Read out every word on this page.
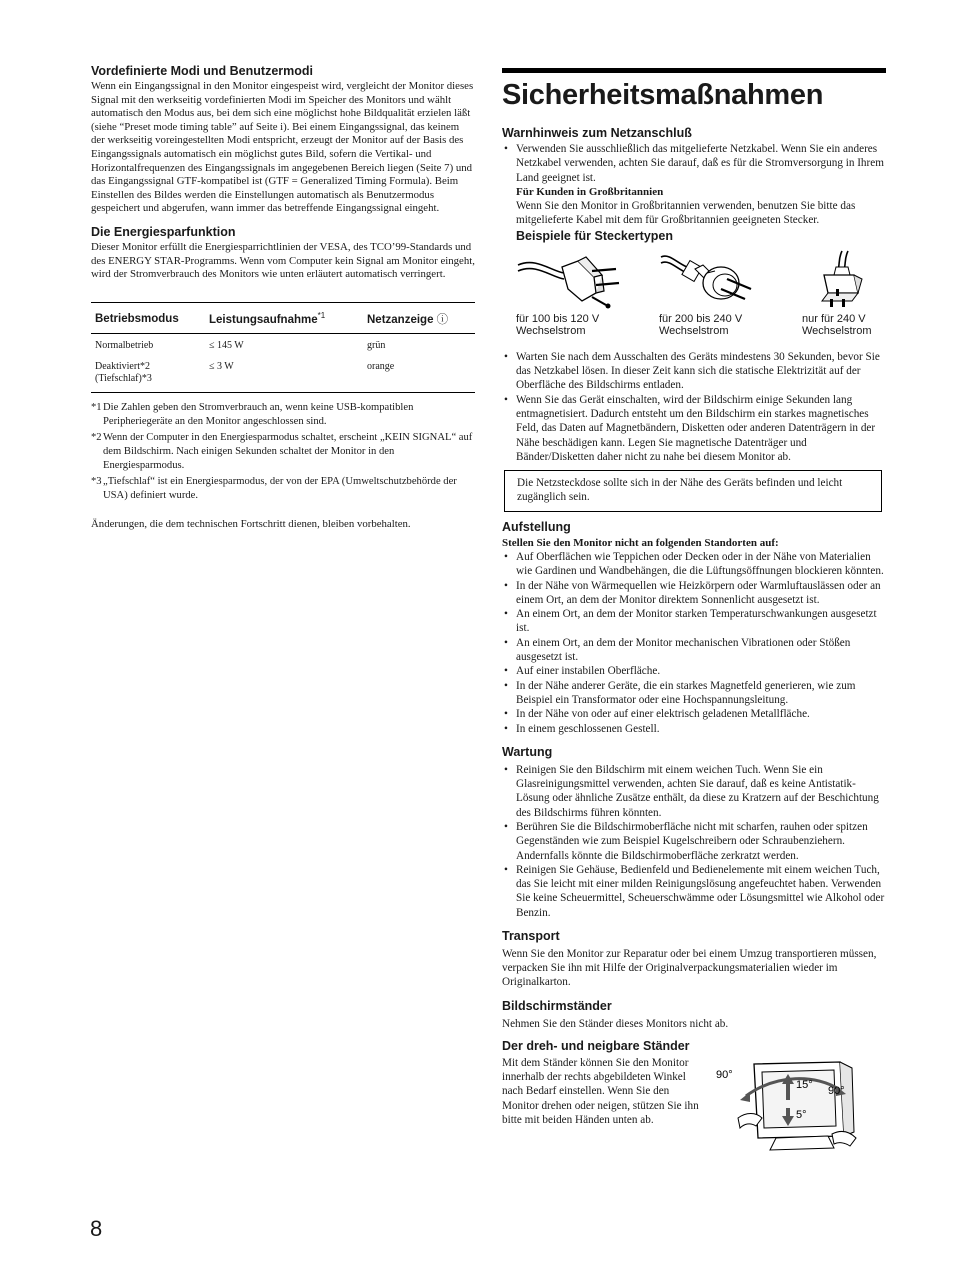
Vordefinierte Modi und Benutzermodi

Wenn ein Eingangssignal in den Monitor eingespeist wird, vergleicht der Monitor dieses Signal mit den werkseitig vordefinierten Modi im Speicher des Monitors und wählt automatisch den Modus aus, bei dem sich eine möglichst hohe Bildqualität erzielen läßt (siehe “Preset mode timing table” auf Seite i). Bei einem Eingangssignal, das keinem der werkseitig voreingestellten Modi entspricht, erzeugt der Monitor auf der Basis des Eingangssignals automatisch ein möglichst gutes Bild, sofern die Vertikal- und Horizontalfrequenzen des Eingangssignals im angegebenen Bereich liegen (Seite 7) und das Eingangssignal GTF-kompatibel ist (GTF = Generalized Timing Formula). Beim Einstellen des Bildes werden die Einstellungen automatisch als Benutzermodus gespeichert und abgerufen, wann immer das betreffende Eingangssignal eingeht.

Die Energiesparfunktion

Dieser Monitor erfüllt die Energiesparrichtlinien der VESA, des TCO’99-Standards und des ENERGY STAR-Programms. Wenn vom Computer kein Signal am Monitor eingeht, wird der Stromverbrauch des Monitors wie unten erläutert automatisch verringert.

Betriebsmodus	Leistungsaufnahme$^{*1}$	Netzanzeige ⓘ
Normalbetrieb	≤ 145 W	grün
Deaktiviert*2
(Tiefschlaf)*3	≤ 3 W	orange

*1 Die Zahlen geben den Stromverbrauch an, wenn keine USB-kompatiblen Peripheriegeräte an den Monitor angeschlossen sind.

*2 Wenn der Computer in den Energiesparmodus schaltet, erscheint „KEIN SIGNAL“ auf dem Bildschirm. Nach einigen Sekunden schaltet der Monitor in den Energiesparmodus.

*3 „Tiefschlaf“ ist ein Energiesparmodus, der von der EPA (Umweltschutzbehörde der USA) definiert wurde.

Änderungen, die dem technischen Fortschritt dienen, bleiben vorbehalten.

Sicherheitsmaßnahmen
Warnhinweis zum Netzanschluß
• Verwenden Sie ausschließlich das mitgelieferte Netzkabel. Wenn Sie ein anderes Netzkabel verwenden, achten Sie darauf, daß es für die Stromversorgung in Ihrem Land geeignet ist.
Für Kunden in Großbritannien
Wenn Sie den Monitor in Großbritannien verwenden, benutzen Sie bitte das mitgelieferte Kabel mit dem für Großbritannien geeigneten Stecker.
Beispiele für Steckertypen
für 100 bis 120 V
Wechselstrom
für 200 bis 240 V
Wechselstrom
nur für 240 V
Wechselstrom
• Warten Sie nach dem Ausschalten des Geräts mindestens 30 Sekunden, bevor Sie das Netzkabel lösen. In dieser Zeit kann sich die statische Elektrizität auf der Oberfläche des Bildschirms entladen.
• Wenn Sie das Gerät einschalten, wird der Bildschirm einige Sekunden lang entmagnetisiert. Dadurch entsteht um den Bildschirm ein starkes magnetisches Feld, das Daten auf Magnetbändern, Disketten oder anderen Datenträgern in der Nähe beschädigen kann. Legen Sie magnetische Datenträger und Bänder/Disketten daher nicht zu nahe bei diesem Monitor ab.
Die Netzsteckdose sollte sich in der Nähe des Geräts befinden und leicht zugänglich sein.
Aufstellung

Stellen Sie den Monitor nicht an folgenden Standorten auf:

• Auf Oberflächen wie Teppichen oder Decken oder in der Nähe von Materialien wie Gardinen und Wandbehängen, die die Lüftungsöffnungen blockieren könnten.
• In der Nähe von Wärmequellen wie Heizkörpern oder Warmluftauslässen oder an einem Ort, an dem der Monitor direktem Sonnenlicht ausgesetzt ist.
• An einem Ort, an dem der Monitor starken Temperaturschwankungen ausgesetzt ist.
• An einem Ort, an dem der Monitor mechanischen Vibrationen oder Stößen ausgesetzt ist.
• Auf einer instabilen Oberfläche.
• In der Nähe anderer Geräte, die ein starkes Magnetfeld generieren, wie zum Beispiel ein Transformator oder eine Hochspannungsleitung.
• In der Nähe von oder auf einer elektrisch geladenen Metallfläche.
• In einem geschlossenen Gestell.
Wartung
• Reinigen Sie den Bildschirm mit einem weichen Tuch. Wenn Sie ein Glasreinigungsmittel verwenden, achten Sie darauf, daß es keine Antistatik-Lösung oder ähnliche Zusätze enthält, da diese zu Kratzern auf der Beschichtung des Bildschirms führen könnten.
• Berühren Sie die Bildschirmoberfläche nicht mit scharfen, rauhen oder spitzen Gegenständen wie zum Beispiel Kugelschreibern oder Schraubenziehern. Andernfalls könnte die Bildschirmoberfläche zerkratzt werden.
• Reinigen Sie Gehäuse, Bedienfeld und Bedienelemente mit einem weichen Tuch, das Sie leicht mit einer milden Reinigungslösung angefeuchtet haben. Verwenden Sie keine Scheuermittel, Scheuerschwämme oder Lösungsmittel wie Alkohol oder Benzin.
Transport

Wenn Sie den Monitor zur Reparatur oder bei einem Umzug transportieren müssen, verpacken Sie ihn mit Hilfe der Originalverpackungsmaterialien wieder im Originalkarton.

Bildschirmständer

Nehmen Sie den Ständer dieses Monitors nicht ab.

Der dreh- und neigbare Ständer

Mit dem Ständer können Sie den Monitor innerhalb der rechts abgebildeten Winkel nach Bedarf einstellen. Wenn Sie den Monitor drehen oder neigen, stützen Sie ihn bitte mit beiden Händen unten ab.

90°
90°
15°
5°
8
